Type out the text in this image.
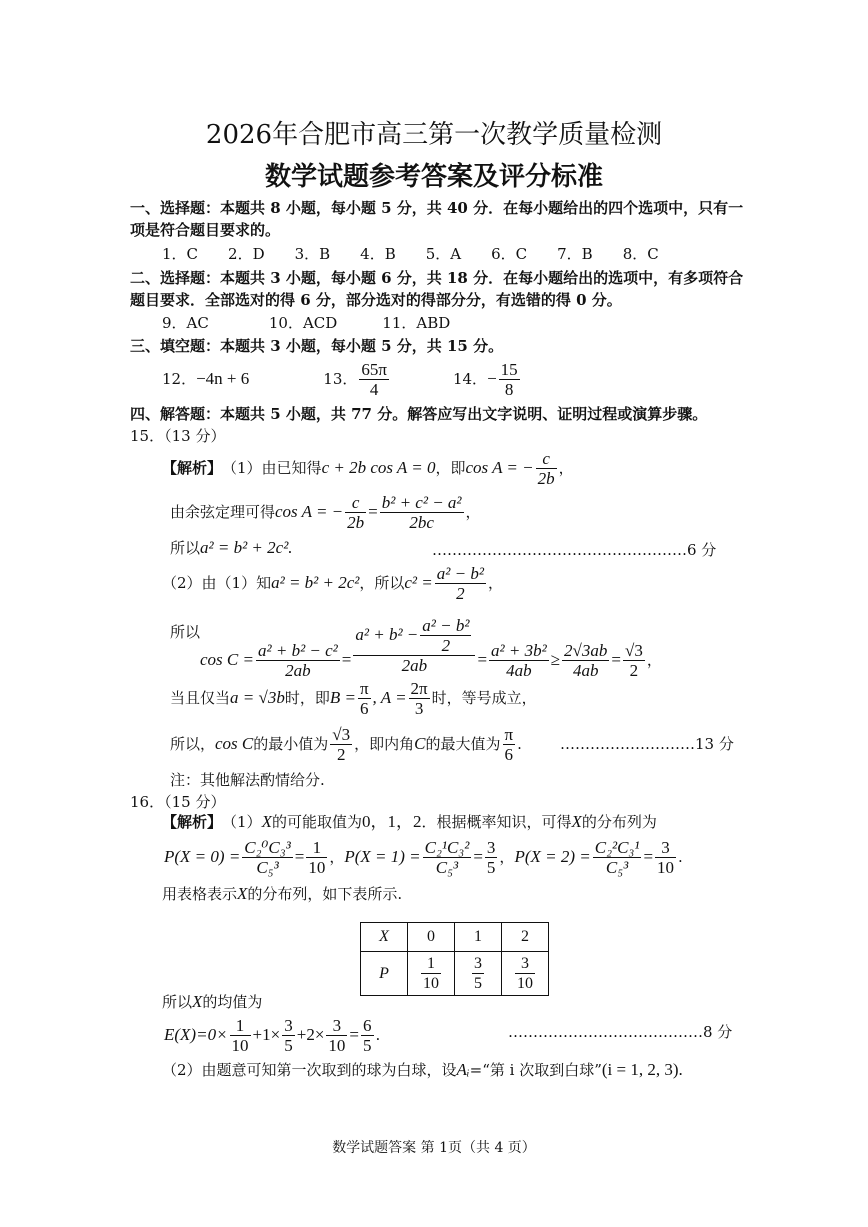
2026年合肥市高三第一次教学质量检测
数学试题参考答案及评分标准
一、选择题：本题共 8 小题，每小题 5 分，共 40 分．在每小题给出的四个选项中，只有一
项是符合题目要求的。
1．C　　2．D　　3．B　　4．B　　5．A　　6．C　　7．B　　8．C
二、选择题：本题共 3 小题，每小题 6 分，共 18 分．在每小题给出的选项中，有多项符合
题目要求．全部选对的得 6 分，部分选对的得部分分，有选错的得 0 分。
9．AC　　　　10．ACD　　　11．ABD
三、填空题：本题共 3 小题，每小题 5 分，共 15 分。
12． −4n + 6	13． $\frac{65\pi}{4}$	14． − $\frac{15}{8}$
四、解答题：本题共 5 小题，共 77 分。解答应写出文字说明、证明过程或演算步骤。
15．（13 分）
【解析】 （1）由已知得 c + 2b cos A = 0 ，即 cos A = − $\frac{c}{2b}$ ，
由余弦定理可得 cos A = − $\frac{c}{2b} = \frac{\text{b² + c² − a²}}{2bc}$ ，
所以 a² = b² + 2c².	……………………………………………6 分
（2）由（1）知 a² = b² + 2c² ，所以 $c^2 = \frac{\text{a² − b²}}{2}$ ，
所以
$\cos C = \frac{\text{a² + b² − c²}}{2ab} = \frac{a^2 + b^2 - \frac{\text{a² − b²}}{2}}{2ab} = \frac{\text{a² + 3b²}}{4ab} \ge \frac{2√3ab}{4ab} = \frac{√3}{2}$ ，
当且仅当 a = √3b 时，即 $B = \frac{\pi}{6}$ , $A = \frac{2\pi}{3}$ 时，等号成立，
所以， cos C 的最小值为 $\frac{√3}{2}$ ，即内角 C 的最大值为 $\frac{\pi}{6}$ .	………………………13 分
注：其他解法酌情给分.
16．（15 分）
【解析】 （1） X 的可能取值为 0，1，2 ．根据概率知识，可得 X 的分布列为
$P(X = 0) = \frac{\text{C₂⁰C₃³}}{\text{C₅³}} = \frac{1}{10}$ ， $P(X = 1) = \frac{\text{C₂¹C₃²}}{\text{C₅³}} = \frac{3}{5}$ ， $P(X = 2) = \frac{\text{C₂²C₃¹}}{\text{C₅³}} = \frac{3}{10}$ .
用表格表示 X 的分布列，如下表所示.
X	0	1	2
P	$\frac{1}{10}$	$\frac{3}{5}$	$\frac{3}{10}$
所以 X 的均值为
$E(X)=0\times \frac{1}{10} +1\times \frac{3}{5} +2\times \frac{3}{10} = \frac{6}{5}$ .	…………………………………8 分
（2）由题意可知第一次取到的球为白球，设 Aᵢ =“第 i 次取到白球” (i = 1, 2, 3).
数学试题答案 第 1页（共 4 页）
